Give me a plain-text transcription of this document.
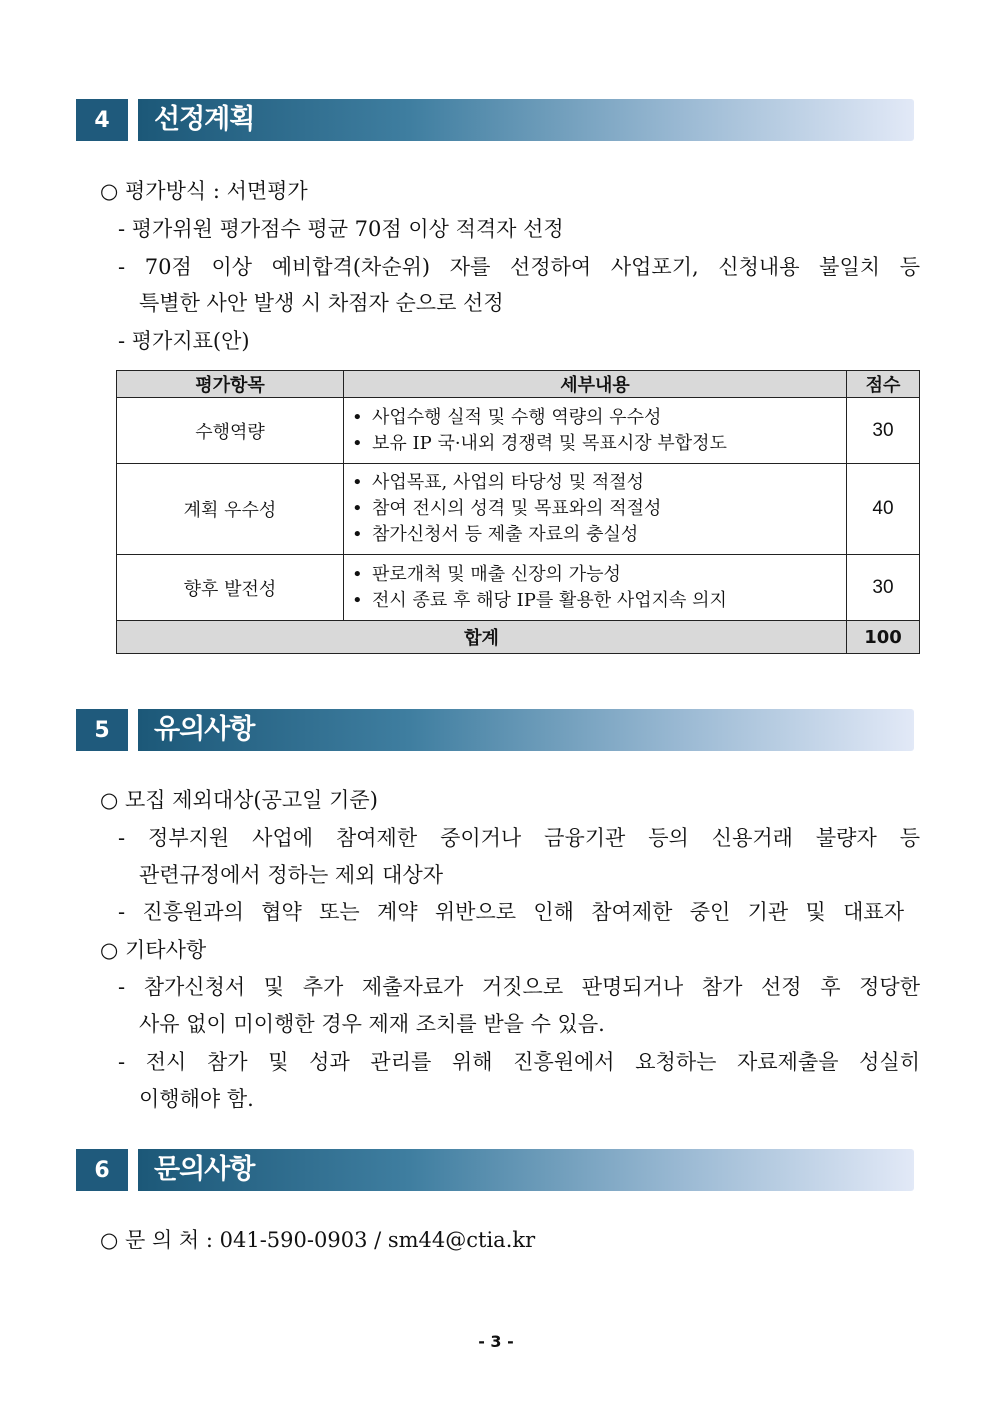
4	선정계획
○ 평가방식 : 서면평가
- 평가위원 평가점수 평균 70점 이상 적격자 선정
- 70점 이상 예비합격(차순위) 자를 선정하여 사업포기, 신청내용 불일치 등
특별한 사안 발생 시 차점자 순으로 선정
- 평가지표(안)
평가항목	세부내용	점수
수행역량	• 사업수행 실적 및 수행 역량의 우수성
• 보유 IP 국·내외 경쟁력 및 목표시장 부합정도	30
계획 우수성	• 사업목표, 사업의 타당성 및 적절성
• 참여 전시의 성격 및 목표와의 적절성
• 참가신청서 등 제출 자료의 충실성	40
향후 발전성	• 판로개척 및 매출 신장의 가능성
• 전시 종료 후 해당 IP를 활용한 사업지속 의지	30
합계		100
5	유의사항
○ 모집 제외대상(공고일 기준)
- 정부지원 사업에 참여제한 중이거나 금융기관 등의 신용거래 불량자 등
관련규정에서 정하는 제외 대상자
- 진흥원과의 협약 또는 계약 위반으로 인해 참여제한 중인 기관 및 대표자
○ 기타사항
- 참가신청서 및 추가 제출자료가 거짓으로 판명되거나 참가 선정 후 정당한
사유 없이 미이행한 경우 제재 조치를 받을 수 있음.
- 전시 참가 및 성과 관리를 위해 진흥원에서 요청하는 자료제출을 성실히
이행해야 함.
6	문의사항
○ 문 의 처 : 041-590-0903 / sm44@ctia.kr
- 3 -
